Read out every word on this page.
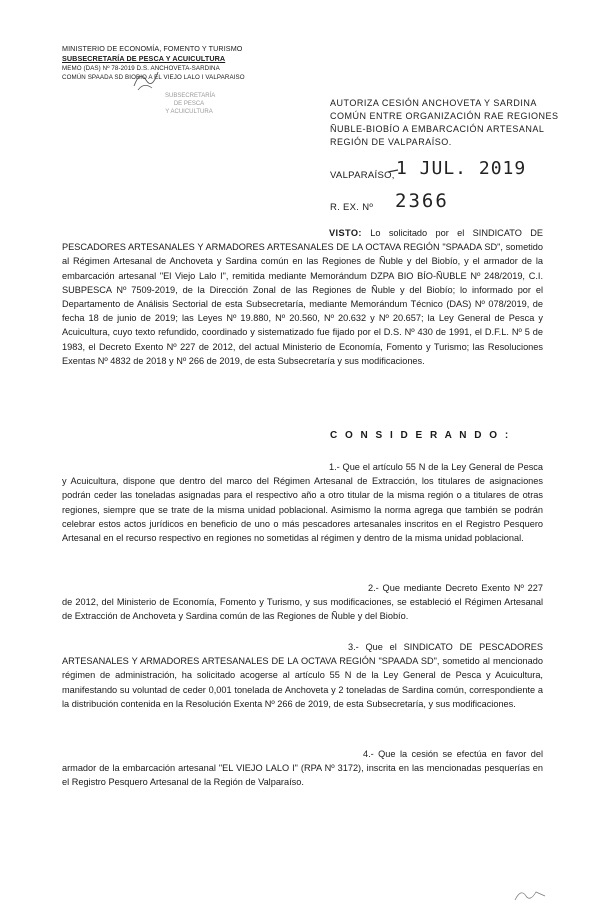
MINISTERIO DE ECONOMÍA, FOMENTO Y TURISMO
SUBSECRETARÍA DE PESCA Y ACUICULTURA
MEMO (DAS) Nº 78-2019 D.S. ANCHOVETA-SARDINA
COMÚN SPAADA SD BIOBIO A EL VIEJO LALO I VALPARAISO
SUBSECRETARÍA
DE PESCA
Y ACUICULTURA
AUTORIZA CESIÓN ANCHOVETA Y SARDINA
COMÚN ENTRE ORGANIZACIÓN RAE REGIONES
ÑUBLE-BIOBÍO A EMBARCACIÓN ARTESANAL
REGIÓN DE VALPARAÍSO.
VALPARAÍSO, 1 JUL. 2019
R. EX. Nº 2366
VISTO: Lo solicitado por el SINDICATO DE PESCADORES ARTESANALES Y ARMADORES ARTESANALES DE LA OCTAVA REGIÓN "SPAADA SD", sometido al Régimen Artesanal de Anchoveta y Sardina común en las Regiones de Ñuble y del Biobío, y el armador de la embarcación artesanal "El Viejo Lalo I", remitida mediante Memorándum DZPA BIO BÍO-ÑUBLE Nº 248/2019, C.I. SUBPESCA Nº 7509-2019, de la Dirección Zonal de las Regiones de Ñuble y del Biobío; lo informado por el Departamento de Análisis Sectorial de esta Subsecretaría, mediante Memorándum Técnico (DAS) Nº 078/2019, de fecha 18 de junio de 2019; las Leyes Nº 19.880, Nº 20.560, Nº 20.632 y Nº 20.657; la Ley General de Pesca y Acuicultura, cuyo texto refundido, coordinado y sistematizado fue fijado por el D.S. Nº 430 de 1991, el D.F.L. Nº 5 de 1983, el Decreto Exento Nº 227 de 2012, del actual Ministerio de Economía, Fomento y Turismo; las Resoluciones Exentas Nº 4832 de 2018 y Nº 266 de 2019, de esta Subsecretaría y sus modificaciones.
C O N S I D E R A N D O :
1.- Que el artículo 55 N de la Ley General de Pesca y Acuicultura, dispone que dentro del marco del Régimen Artesanal de Extracción, los titulares de asignaciones podrán ceder las toneladas asignadas para el respectivo año a otro titular de la misma región o a titulares de otras regiones, siempre que se trate de la misma unidad poblacional. Asimismo la norma agrega que también se podrán celebrar estos actos jurídicos en beneficio de uno o más pescadores artesanales inscritos en el Registro Pesquero Artesanal en el recurso respectivo en regiones no sometidas al régimen y dentro de la misma unidad poblacional.
2.- Que mediante Decreto Exento Nº 227 de 2012, del Ministerio de Economía, Fomento y Turismo, y sus modificaciones, se estableció el Régimen Artesanal de Extracción de Anchoveta y Sardina común de las Regiones de Ñuble y del Biobío.
3.- Que el SINDICATO DE PESCADORES ARTESANALES Y ARMADORES ARTESANALES DE LA OCTAVA REGIÓN "SPAADA SD", sometido al mencionado régimen de administración, ha solicitado acogerse al artículo 55 N de la Ley General de Pesca y Acuicultura, manifestando su voluntad de ceder 0,001 tonelada de Anchoveta y 2 toneladas de Sardina común, correspondiente a la distribución contenida en la Resolución Exenta Nº 266 de 2019, de esta Subsecretaría, y sus modificaciones.
4.- Que la cesión se efectúa en favor del armador de la embarcación artesanal "EL VIEJO LALO I" (RPA Nº 3172), inscrita en las mencionadas pesquerías en el Registro Pesquero Artesanal de la Región de Valparaíso.
